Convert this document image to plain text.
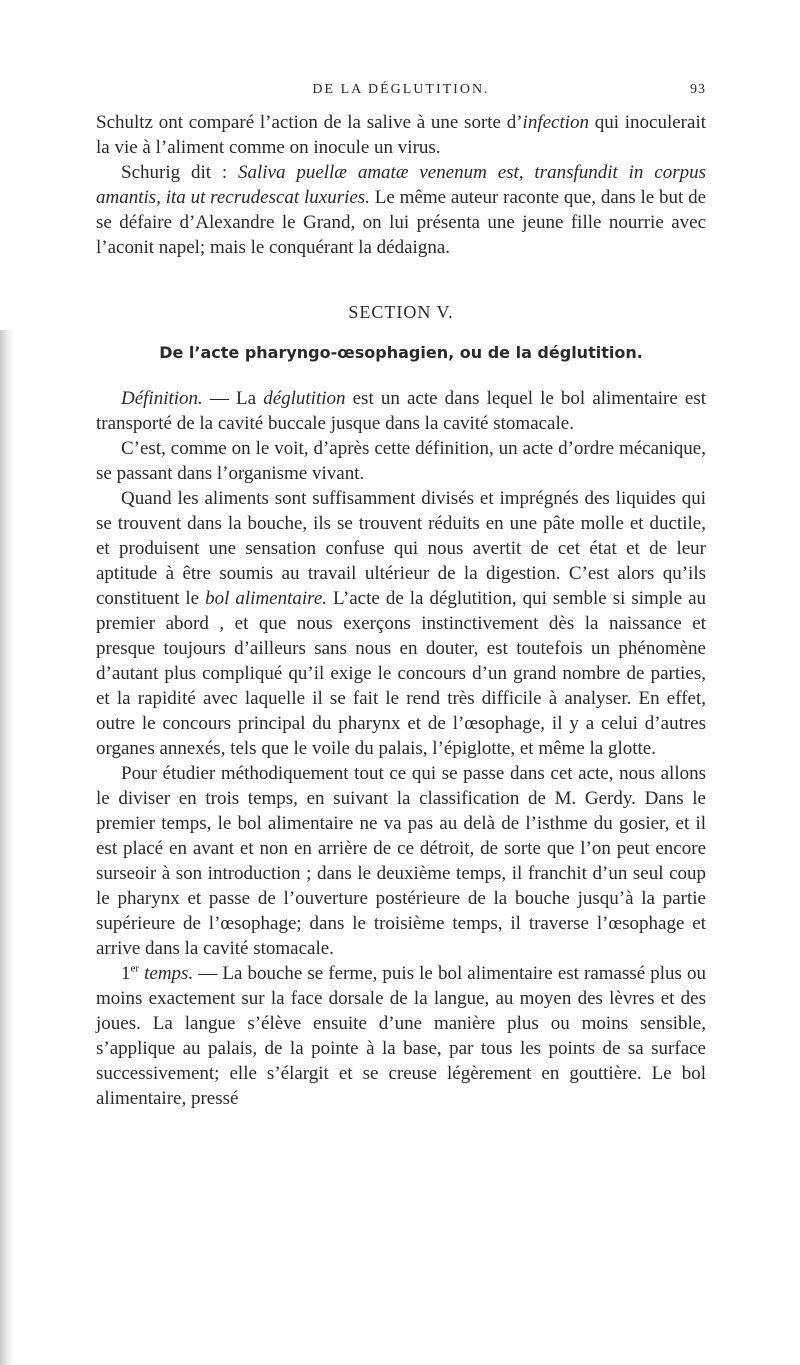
DE LA DÉGLUTITION.	93

Schultz ont comparé l’action de la salive à une sorte d’infection qui inoculerait la vie à l’aliment comme on inocule un virus.

Schurig dit : Saliva puellæ amatæ venenum est, transfundit in corpus amantis, ita ut recrudescat luxuries. Le même auteur raconte que, dans le but de se défaire d’Alexandre le Grand, on lui présenta une jeune fille nourrie avec l’aconit napel; mais le conquérant la dédaigna.

SECTION V.
De l’acte pharyngo-œsophagien, ou de la déglutition.

Définition. — La déglutition est un acte dans lequel le bol alimentaire est transporté de la cavité buccale jusque dans la cavité stomacale.

C’est, comme on le voit, d’après cette définition, un acte d’ordre mécanique, se passant dans l’organisme vivant.

Quand les aliments sont suffisamment divisés et imprégnés des liquides qui se trouvent dans la bouche, ils se trouvent réduits en une pâte molle et ductile, et produisent une sensation confuse qui nous avertit de cet état et de leur aptitude à être soumis au travail ultérieur de la digestion. C’est alors qu’ils constituent le bol alimentaire. L’acte de la déglutition, qui semble si simple au premier abord , et que nous exerçons instinctivement dès la naissance et presque toujours d’ailleurs sans nous en douter, est toutefois un phénomène d’autant plus compliqué qu’il exige le concours d’un grand nombre de parties, et la rapidité avec laquelle il se fait le rend très difficile à analyser. En effet, outre le concours principal du pharynx et de l’œsophage, il y a celui d’autres organes annexés, tels que le voile du palais, l’épiglotte, et même la glotte.

Pour étudier méthodiquement tout ce qui se passe dans cet acte, nous allons le diviser en trois temps, en suivant la classification de M. Gerdy. Dans le premier temps, le bol alimentaire ne va pas au delà de l’isthme du gosier, et il est placé en avant et non en arrière de ce détroit, de sorte que l’on peut encore surseoir à son introduction ; dans le deuxième temps, il franchit d’un seul coup le pharynx et passe de l’ouverture postérieure de la bouche jusqu’à la partie supérieure de l’œsophage; dans le troisième temps, il traverse l’œsophage et arrive dans la cavité stomacale.

1er temps. — La bouche se ferme, puis le bol alimentaire est ramassé plus ou moins exactement sur la face dorsale de la langue, au moyen des lèvres et des joues. La langue s’élève ensuite d’une manière plus ou moins sensible, s’applique au palais, de la pointe à la base, par tous les points de sa surface successivement; elle s’élargit et se creuse légèrement en gouttière. Le bol alimentaire, pressé
